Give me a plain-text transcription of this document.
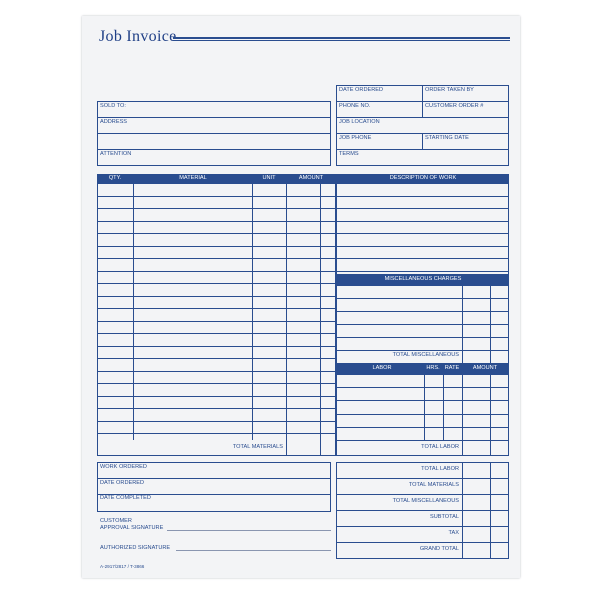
Job Invoice
DATE ORDERED	ORDER TAKEN BY
PHONE NO.	CUSTOMER ORDER #
JOB LOCATION
JOB PHONE	STARTING DATE
TERMS
SOLD TO:
ADDRESS
ATTENTION
QTY.	MATERIAL	UNIT	AMOUNT
TOTAL MATERIALS
DESCRIPTION OF WORK
MISCELLANEOUS CHARGES
TOTAL MISCELLANEOUS
LABOR	HRS. RATE AMOUNT
TOTAL LABOR
WORK ORDERED
DATE ORDERED
DATE COMPLETED
CUSTOMER
APPROVAL SIGNATURE
AUTHORIZED SIGNATURE
TOTAL LABOR
TOTAL MATERIALS
TOTAL MISCELLANEOUS
SUBTOTAL
TAX
GRAND TOTAL
A-2917/2817 / T-3866
